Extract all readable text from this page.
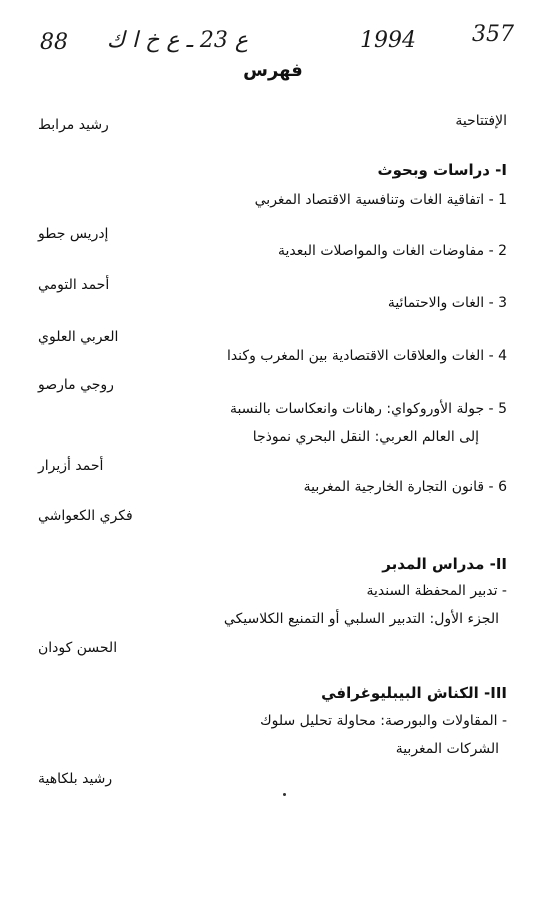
88 ع 23 ـ ع خ ا ك	1994	357
فهرس
الإفتتاحية
رشيد مرابط
I- دراسات وبحوث
1 - اتفاقية الغات وتنافسية الاقتصاد المغربي
إدريس جطو
2 - مفاوضات الغات والمواصلات البعدية
أحمد التومي
3 - الغات والاحتمائية
العربي العلوي
4 - الغات والعلاقات الاقتصادية بين المغرب وكندا
روجي مارصو
5 - جولة الأوروكواي: رهانات وانعكاسات بالنسبة
إلى العالم العربي: النقل البحري نموذجا
أحمد أزيرار
6 - قانون التجارة الخارجية المغربية
فكري الكعواشي
II- مدراس المدبر
- تدبير المحفظة السندية
الجزء الأول: التدبير السلبي أو التمنيع الكلاسيكي
الحسن كودان
III- الكناش البيبليوغرافي
- المقاولات والبورصة: محاولة تحليل سلوك
الشركات المغربية
رشيد بلكاهية
